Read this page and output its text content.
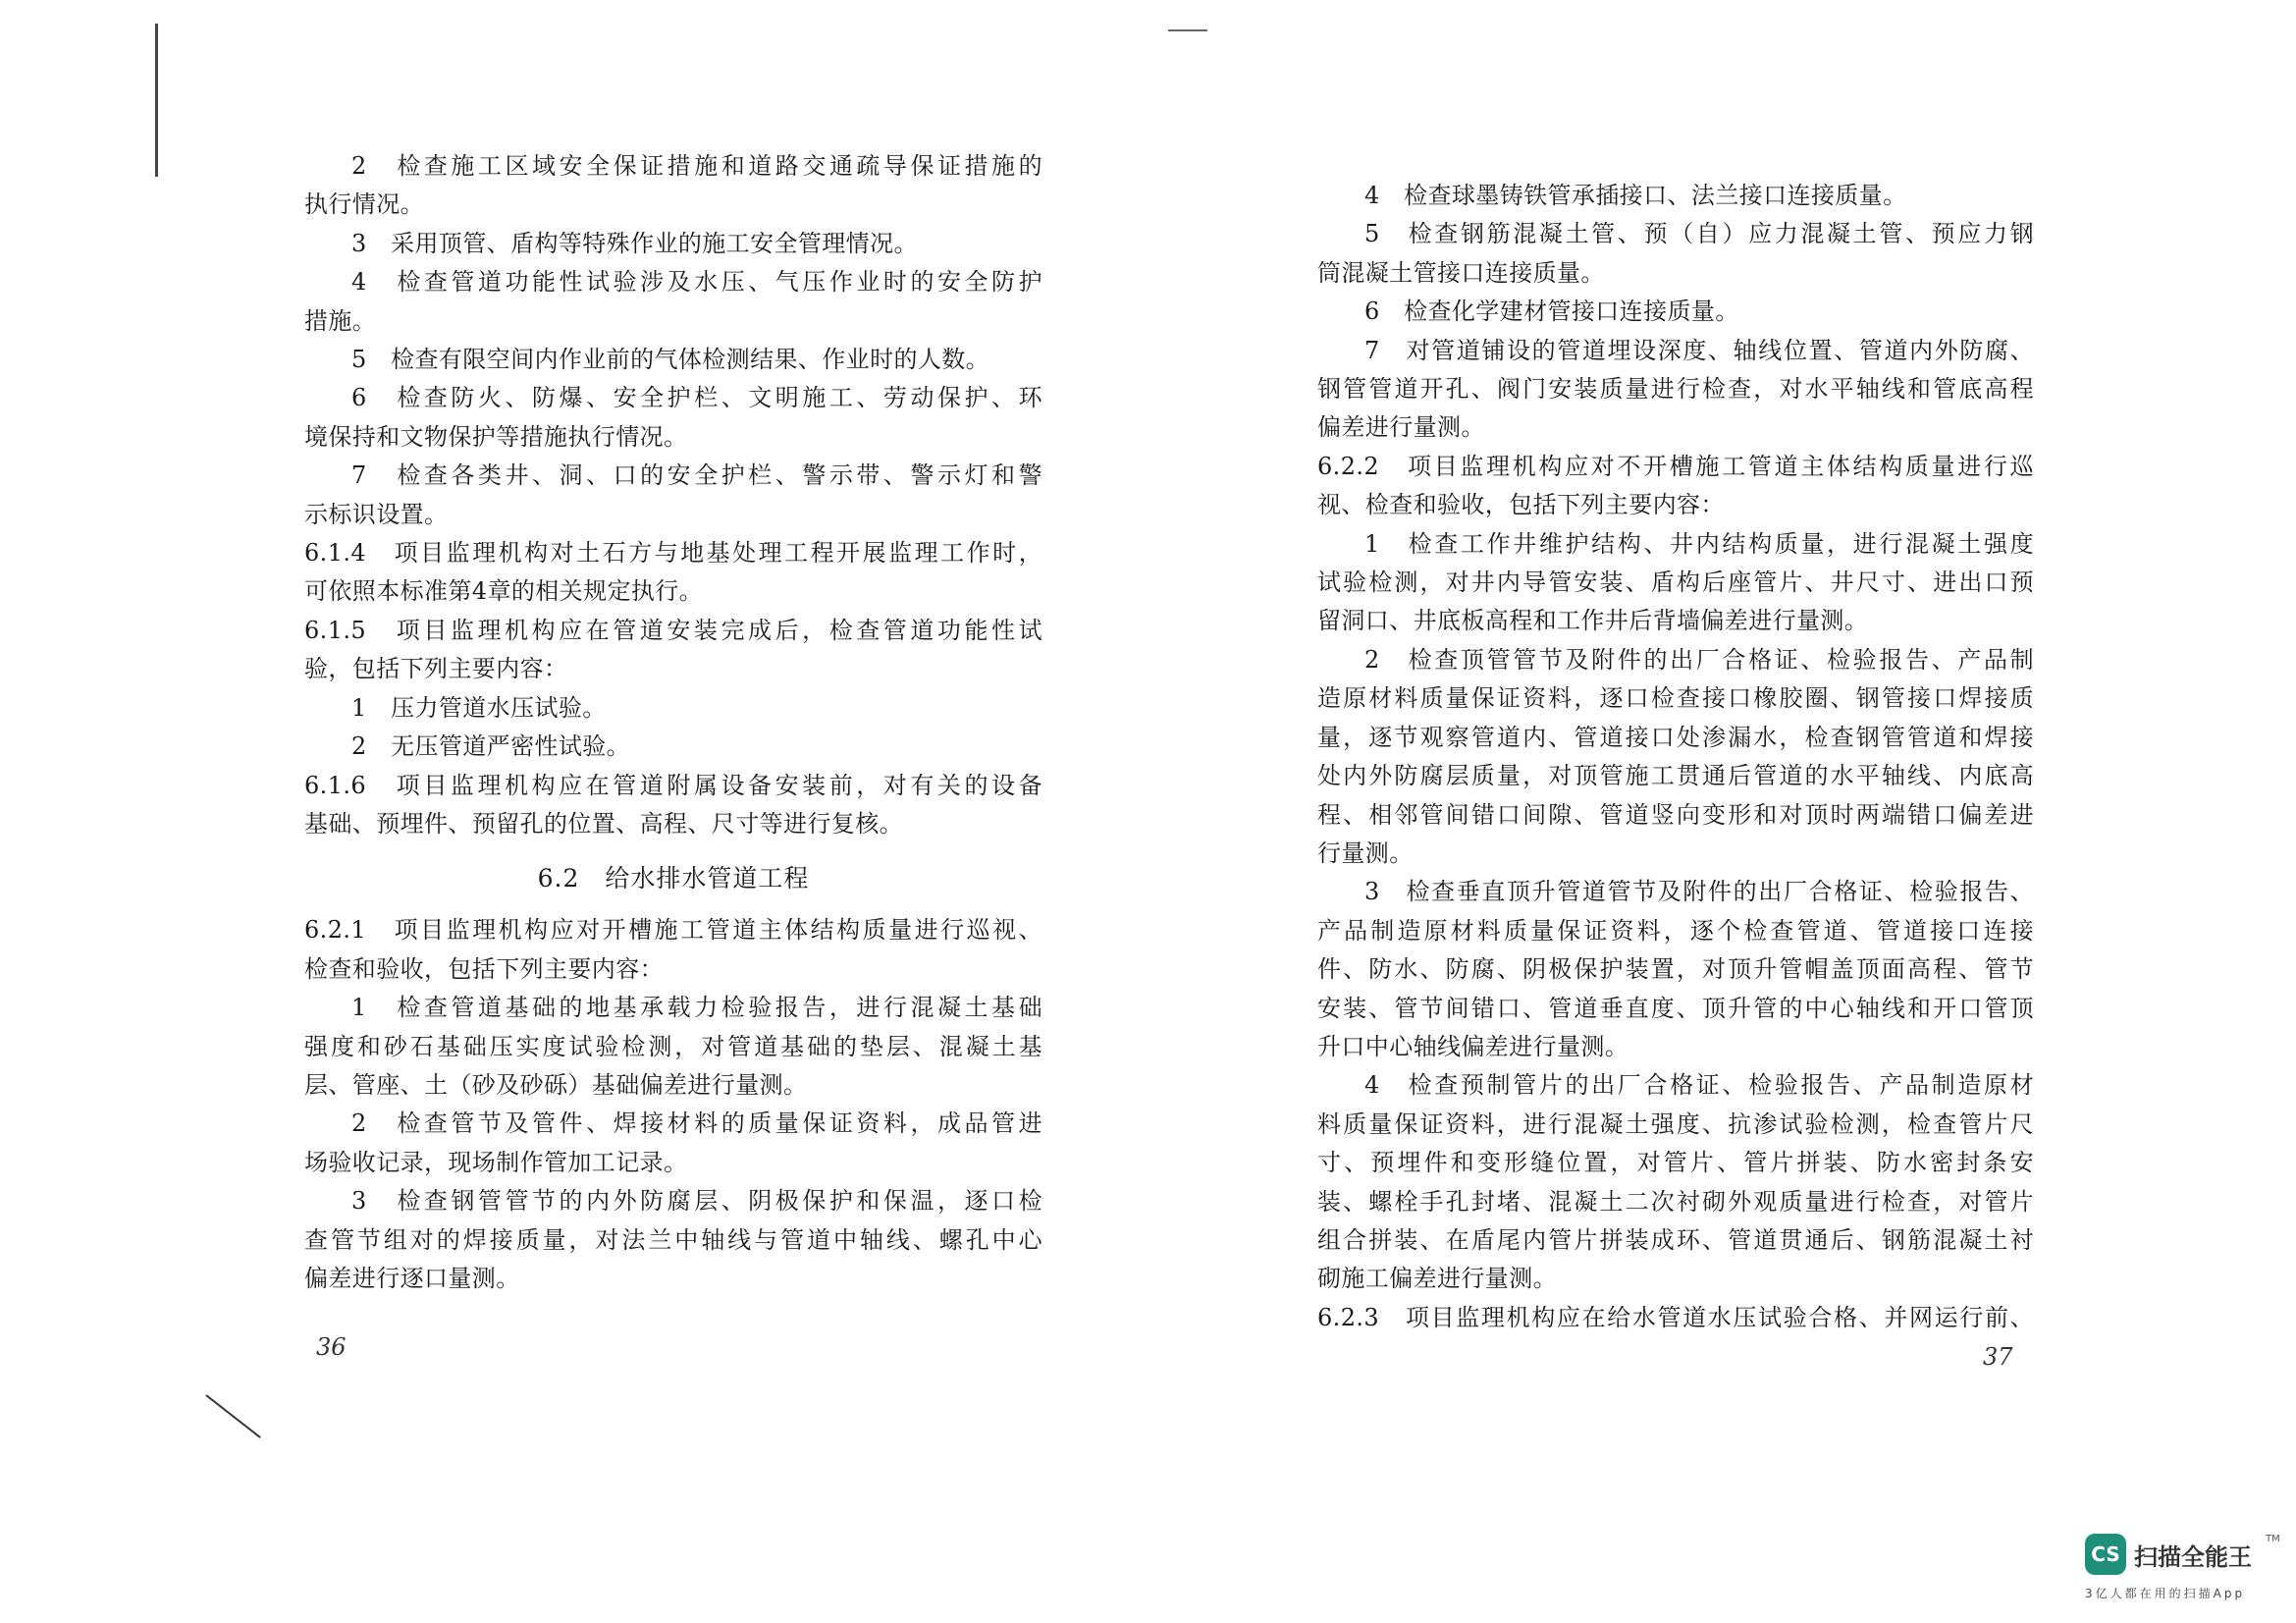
2　检查施工区域安全保证措施和道路交通疏导保证措施的
执行情况。
3　采用顶管、盾构等特殊作业的施工安全管理情况。
4　检查管道功能性试验涉及水压、气压作业时的安全防护
措施。
5　检查有限空间内作业前的气体检测结果、作业时的人数。
6　检查防火、防爆、安全护栏、文明施工、劳动保护、环
境保持和文物保护等措施执行情况。
7　检查各类井、洞、口的安全护栏、警示带、警示灯和警
示标识设置。
6.1.4　项目监理机构对土石方与地基处理工程开展监理工作时，
可依照本标准第4章的相关规定执行。
6.1.5　项目监理机构应在管道安装完成后，检查管道功能性试
验，包括下列主要内容：
1　压力管道水压试验。
2　无压管道严密性试验。
6.1.6　项目监理机构应在管道附属设备安装前，对有关的设备
基础、预埋件、预留孔的位置、高程、尺寸等进行复核。
6.2　给水排水管道工程
6.2.1　项目监理机构应对开槽施工管道主体结构质量进行巡视、
检查和验收，包括下列主要内容：
1　检查管道基础的地基承载力检验报告，进行混凝土基础
强度和砂石基础压实度试验检测，对管道基础的垫层、混凝土基
层、管座、土（砂及砂砾）基础偏差进行量测。
2　检查管节及管件、焊接材料的质量保证资料，成品管进
场验收记录，现场制作管加工记录。
3　检查钢管管节的内外防腐层、阴极保护和保温，逐口检
查管节组对的焊接质量，对法兰中轴线与管道中轴线、螺孔中心
偏差进行逐口量测。
36
4　检查球墨铸铁管承插接口、法兰接口连接质量。
5　检查钢筋混凝土管、预（自）应力混凝土管、预应力钢
筒混凝土管接口连接质量。
6　检查化学建材管接口连接质量。
7　对管道铺设的管道埋设深度、轴线位置、管道内外防腐、
钢管管道开孔、阀门安装质量进行检查，对水平轴线和管底高程
偏差进行量测。
6.2.2　项目监理机构应对不开槽施工管道主体结构质量进行巡
视、检查和验收，包括下列主要内容：
1　检查工作井维护结构、井内结构质量，进行混凝土强度
试验检测，对井内导管安装、盾构后座管片、井尺寸、进出口预
留洞口、井底板高程和工作井后背墙偏差进行量测。
2　检查顶管管节及附件的出厂合格证、检验报告、产品制
造原材料质量保证资料，逐口检查接口橡胶圈、钢管接口焊接质
量，逐节观察管道内、管道接口处渗漏水，检查钢管管道和焊接
处内外防腐层质量，对顶管施工贯通后管道的水平轴线、内底高
程、相邻管间错口间隙、管道竖向变形和对顶时两端错口偏差进
行量测。
3　检查垂直顶升管道管节及附件的出厂合格证、检验报告、
产品制造原材料质量保证资料，逐个检查管道、管道接口连接
件、防水、防腐、阴极保护装置，对顶升管帽盖顶面高程、管节
安装、管节间错口、管道垂直度、顶升管的中心轴线和开口管顶
升口中心轴线偏差进行量测。
4　检查预制管片的出厂合格证、检验报告、产品制造原材
料质量保证资料，进行混凝土强度、抗渗试验检测，检查管片尺
寸、预埋件和变形缝位置，对管片、管片拼装、防水密封条安
装、螺栓手孔封堵、混凝土二次衬砌外观质量进行检查，对管片
组合拼装、在盾尾内管片拼装成环、管道贯通后、钢筋混凝土衬
砌施工偏差进行量测。
6.2.3　项目监理机构应在给水管道水压试验合格、并网运行前、
37
CS 扫描全能王
TM
3亿人都在用的扫描App
